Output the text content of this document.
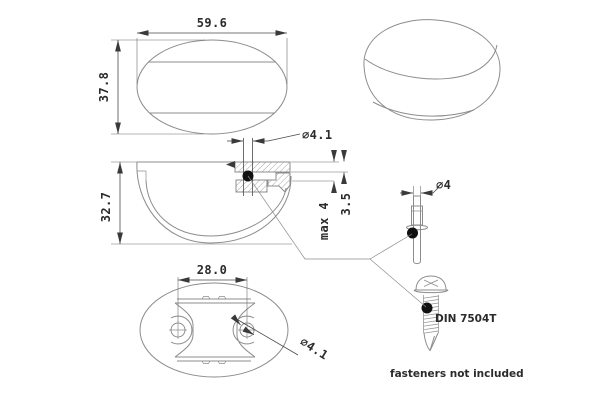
59.6
37.8
∅4.1
32.7	3.5
max 4
28.0
∅4.1
∅4
DIN 7504T
fasteners not included
